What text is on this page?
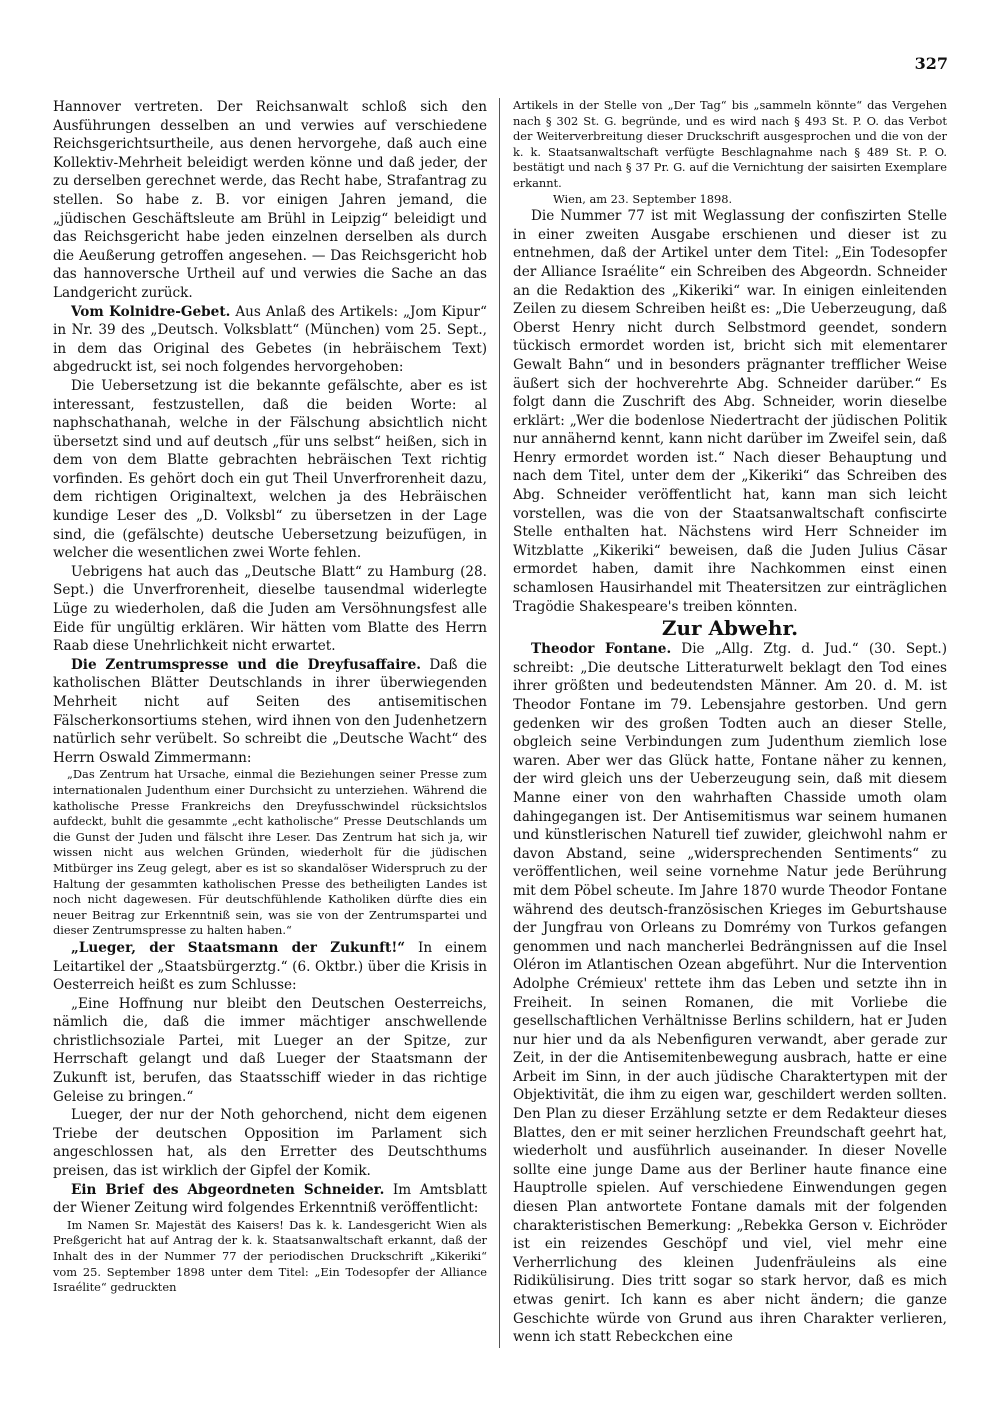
327

Hannover vertreten. Der Reichsanwalt schloß sich den Ausführungen desselben an und verwies auf verschiedene Reichsgerichtsurtheile, aus denen hervorgehe, daß auch eine Kollektiv-Mehrheit beleidigt werden könne und daß jeder, der zu derselben gerechnet werde, das Recht habe, Strafantrag zu stellen. So habe z. B. vor einigen Jahren jemand, die „jüdischen Geschäftsleute am Brühl in Leipzig“ beleidigt und das Reichsgericht habe jeden einzelnen derselben als durch die Aeußerung getroffen angesehen. — Das Reichsgericht hob das hannoversche Urtheil auf und verwies die Sache an das Landgericht zurück.

Vom Kolnidre-Gebet. Aus Anlaß des Artikels: „Jom Kipur“ in Nr. 39 des „Deutsch. Volksblatt“ (München) vom 25. Sept., in dem das Original des Gebetes (in hebräischem Text) abgedruckt ist, sei noch folgendes hervorgehoben:

Die Uebersetzung ist die bekannte gefälschte, aber es ist interessant, festzustellen, daß die beiden Worte: al naphschathanah, welche in der Fälschung absichtlich nicht übersetzt sind und auf deutsch „für uns selbst“ heißen, sich in dem von dem Blatte gebrachten hebräischen Text richtig vorfinden. Es gehört doch ein gut Theil Unverfrorenheit dazu, dem richtigen Originaltext, welchen ja des Hebräischen kundige Leser des „D. Volksbl“ zu übersetzen in der Lage sind, die (gefälschte) deutsche Uebersetzung beizufügen, in welcher die wesentlichen zwei Worte fehlen.

Uebrigens hat auch das „Deutsche Blatt“ zu Hamburg (28. Sept.) die Unverfrorenheit, dieselbe tausendmal widerlegte Lüge zu wiederholen, daß die Juden am Versöhnungsfest alle Eide für ungültig erklären. Wir hätten vom Blatte des Herrn Raab diese Unehrlichkeit nicht erwartet.

Die Zentrumspresse und die Dreyfusaffaire. Daß die katholischen Blätter Deutschlands in ihrer überwiegenden Mehrheit nicht auf Seiten des antisemitischen Fälscherkonsortiums stehen, wird ihnen von den Judenhetzern natürlich sehr verübelt. So schreibt die „Deutsche Wacht“ des Herrn Oswald Zimmermann:

„Das Zentrum hat Ursache, einmal die Beziehungen seiner Presse zum internationalen Judenthum einer Durchsicht zu unterziehen. Während die katholische Presse Frankreichs den Dreyfusschwindel rücksichtslos aufdeckt, buhlt die gesammte „echt katholische“ Presse Deutschlands um die Gunst der Juden und fälscht ihre Leser. Das Zentrum hat sich ja, wir wissen nicht aus welchen Gründen, wiederholt für die jüdischen Mitbürger ins Zeug gelegt, aber es ist so skandalöser Widerspruch zu der Haltung der gesammten katholischen Presse des betheiligten Landes ist noch nicht dagewesen. Für deutschfühlende Katholiken dürfte dies ein neuer Beitrag zur Erkenntniß sein, was sie von der Zentrumspartei und dieser Zentrumspresse zu halten haben.“

„Lueger, der Staatsmann der Zukunft!“ In einem Leitartikel der „Staatsbürgerztg.“ (6. Oktbr.) über die Krisis in Oesterreich heißt es zum Schlusse:

„Eine Hoffnung nur bleibt den Deutschen Oesterreichs, nämlich die, daß die immer mächtiger anschwellende christlichsoziale Partei, mit Lueger an der Spitze, zur Herrschaft gelangt und daß Lueger der Staatsmann der Zukunft ist, berufen, das Staatsschiff wieder in das richtige Geleise zu bringen.“

Lueger, der nur der Noth gehorchend, nicht dem eigenen Triebe der deutschen Opposition im Parlament sich angeschlossen hat, als den Erretter des Deutschthums preisen, das ist wirklich der Gipfel der Komik.

Ein Brief des Abgeordneten Schneider. Im Amtsblatt der Wiener Zeitung wird folgendes Erkenntniß veröffentlicht:

Im Namen Sr. Majestät des Kaisers! Das k. k. Landesgericht Wien als Preßgericht hat auf Antrag der k. k. Staatsanwaltschaft erkannt, daß der Inhalt des in der Nummer 77 der periodischen Druckschrift „Kikeriki“ vom 25. September 1898 unter dem Titel: „Ein Todesopfer der Alliance Israélite“ gedruckten

Artikels in der Stelle von „Der Tag“ bis „sammeln könnte“ das Vergehen nach § 302 St. G. begründe, und es wird nach § 493 St. P. O. das Verbot der Weiterverbreitung dieser Druckschrift ausgesprochen und die von der k. k. Staatsanwaltschaft verfügte Beschlagnahme nach § 489 St. P. O. bestätigt und nach § 37 Pr. G. auf die Vernichtung der saisirten Exemplare erkannt.

Wien, am 23. September 1898.

Die Nummer 77 ist mit Weglassung der confiszirten Stelle in einer zweiten Ausgabe erschienen und dieser ist zu entnehmen, daß der Artikel unter dem Titel: „Ein Todesopfer der Alliance Israélite“ ein Schreiben des Abgeordn. Schneider an die Redaktion des „Kikeriki“ war. In einigen einleitenden Zeilen zu diesem Schreiben heißt es: „Die Ueberzeugung, daß Oberst Henry nicht durch Selbstmord geendet, sondern tückisch ermordet worden ist, bricht sich mit elementarer Gewalt Bahn“ und in besonders prägnanter trefflicher Weise äußert sich der hochverehrte Abg. Schneider darüber.“ Es folgt dann die Zuschrift des Abg. Schneider, worin dieselbe erklärt: „Wer die bodenlose Niedertracht der jüdischen Politik nur annähernd kennt, kann nicht darüber im Zweifel sein, daß Henry ermordet worden ist.“ Nach dieser Behauptung und nach dem Titel, unter dem der „Kikeriki“ das Schreiben des Abg. Schneider veröffentlicht hat, kann man sich leicht vorstellen, was die von der Staatsanwaltschaft confiscirte Stelle enthalten hat. Nächstens wird Herr Schneider im Witzblatte „Kikeriki“ beweisen, daß die Juden Julius Cäsar ermordet haben, damit ihre Nachkommen einst einen schamlosen Hausirhandel mit Theatersitzen zur einträglichen Tragödie Shakespeare's treiben könnten.

Zur Abwehr.

Theodor Fontane. Die „Allg. Ztg. d. Jud.“ (30. Sept.) schreibt: „Die deutsche Litteraturwelt beklagt den Tod eines ihrer größten und bedeutendsten Männer. Am 20. d. M. ist Theodor Fontane im 79. Lebensjahre gestorben. Und gern gedenken wir des großen Todten auch an dieser Stelle, obgleich seine Verbindungen zum Judenthum ziemlich lose waren. Aber wer das Glück hatte, Fontane näher zu kennen, der wird gleich uns der Ueberzeugung sein, daß mit diesem Manne einer von den wahrhaften Chasside umoth olam dahingegangen ist. Der Antisemitismus war seinem humanen und künstlerischen Naturell tief zuwider, gleichwohl nahm er davon Abstand, seine „widersprechenden Sentiments“ zu veröffentlichen, weil seine vornehme Natur jede Berührung mit dem Pöbel scheute. Im Jahre 1870 wurde Theodor Fontane während des deutsch-französischen Krieges im Geburtshause der Jungfrau von Orleans zu Domrémy von Turkos gefangen genommen und nach mancherlei Bedrängnissen auf die Insel Oléron im Atlantischen Ozean abgeführt. Nur die Intervention Adolphe Crémieux' rettete ihm das Leben und setzte ihn in Freiheit. In seinen Romanen, die mit Vorliebe die gesellschaftlichen Verhältnisse Berlins schildern, hat er Juden nur hier und da als Nebenfiguren verwandt, aber gerade zur Zeit, in der die Antisemitenbewegung ausbrach, hatte er eine Arbeit im Sinn, in der auch jüdische Charaktertypen mit der Objektivität, die ihm zu eigen war, geschildert werden sollten. Den Plan zu dieser Erzählung setzte er dem Redakteur dieses Blattes, den er mit seiner herzlichen Freundschaft geehrt hat, wiederholt und ausführlich auseinander. In dieser Novelle sollte eine junge Dame aus der Berliner haute finance eine Hauptrolle spielen. Auf verschiedene Einwendungen gegen diesen Plan antwortete Fontane damals mit der folgenden charakteristischen Bemerkung: „Rebekka Gerson v. Eichröder ist ein reizendes Geschöpf und viel, viel mehr eine Verherrlichung des kleinen Judenfräuleins als eine Ridikülisirung. Dies tritt sogar so stark hervor, daß es mich etwas genirt. Ich kann es aber nicht ändern; die ganze Geschichte würde von Grund aus ihren Charakter verlieren, wenn ich statt Rebeckchen eine
